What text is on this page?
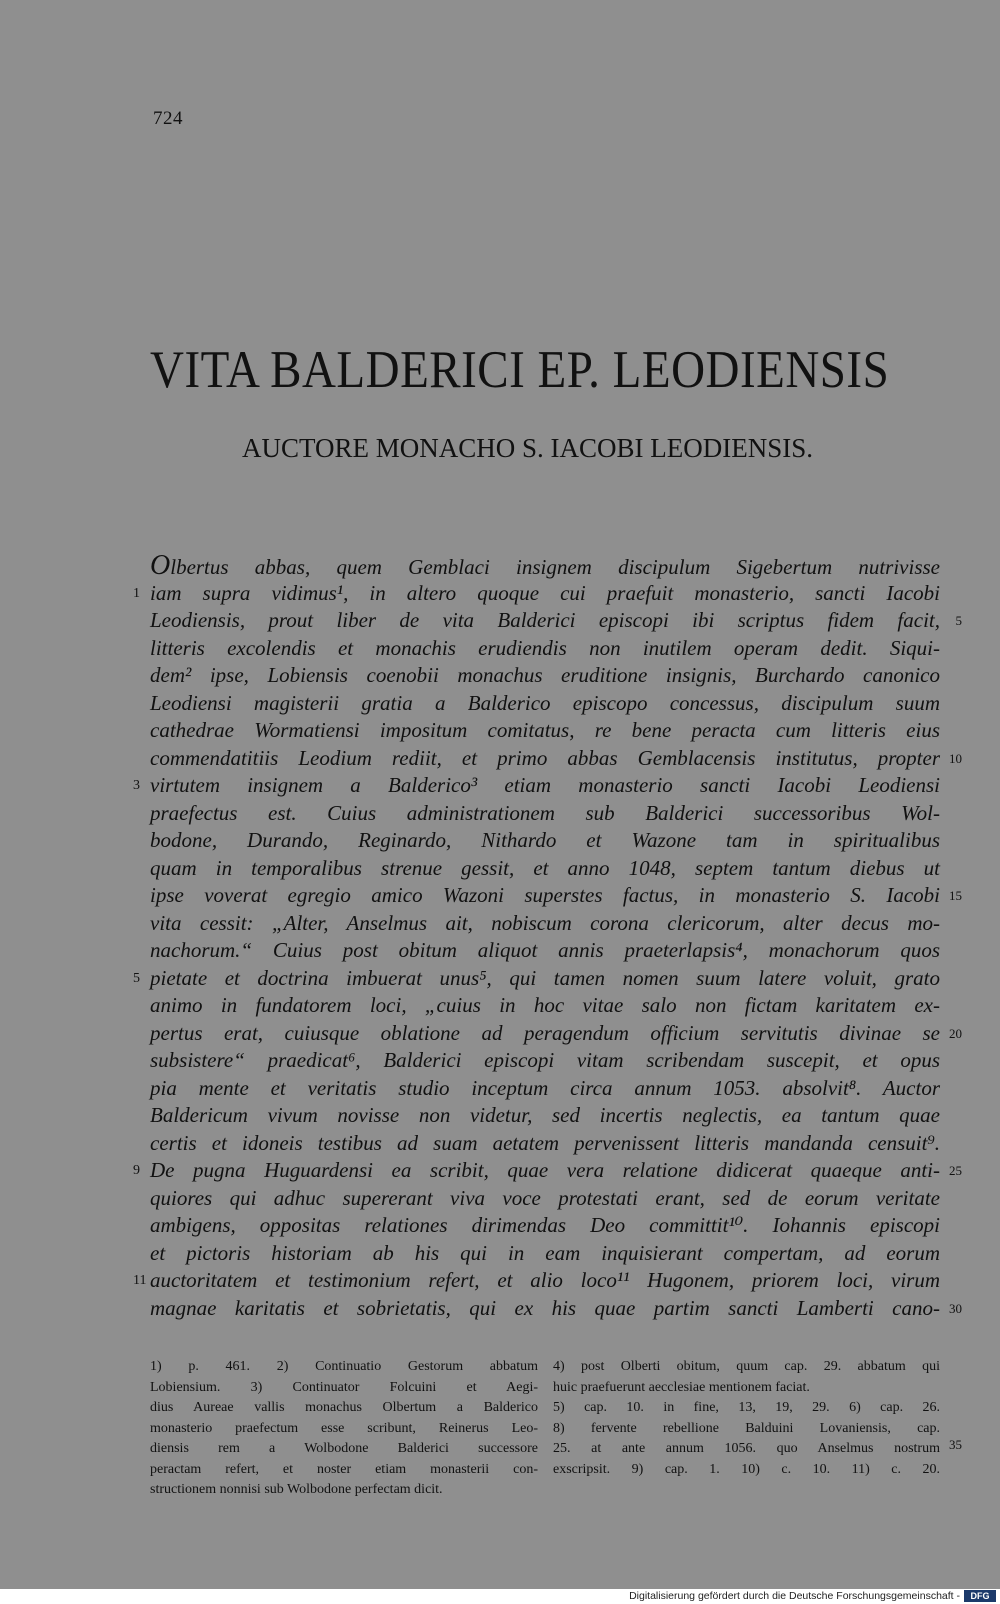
724
VITA BALDERICI EP. LEODIENSIS
AUCTORE MONACHO S. IACOBI LEODIENSIS.
Olbertus abbas, quem Gemblaci insignem discipulum Sigebertum nutrivisse
1 iam supra vidimus¹, in altero quoque cui praefuit monasterio, sancti Iacobi
Leodiensis, prout liber de vita Balderici episcopi ibi scriptus fidem facit, 5
litteris excolendis et monachis erudiendis non inutilem operam dedit. Siqui-
dem² ipse, Lobiensis coenobii monachus eruditione insignis, Burchardo canonico
Leodiensi magisterii gratia a Balderico episcopo concessus, discipulum suum
cathedrae Wormatiensi impositum comitatus, re bene peracta cum litteris eius
commendatitiis Leodium rediit, et primo abbas Gemblacensis institutus, propter 10
3 virtutem insignem a Balderico³ etiam monasterio sancti Iacobi Leodiensi
praefectus est. Cuius administrationem sub Balderici successoribus Wol-
bodone, Durando, Reginardo, Nithardo et Wazone tam in spiritualibus
quam in temporalibus strenue gessit, et anno 1048, septem tantum diebus ut
ipse voverat egregio amico Wazoni superstes factus, in monasterio S. Iacobi 15
vita cessit: „Alter, Anselmus ait, nobiscum corona clericorum, alter decus mo-
nachorum.“ Cuius post obitum aliquot annis praeterlapsis⁴, monachorum quos
5 pietate et doctrina imbuerat unus⁵, qui tamen nomen suum latere voluit, grato
animo in fundatorem loci, „cuius in hoc vitae salo non fictam karitatem ex-
pertus erat, cuiusque oblatione ad peragendum officium servitutis divinae se 20
subsistere“ praedicat⁶, Balderici episcopi vitam scribendam suscepit, et opus
pia mente et veritatis studio inceptum circa annum 1053. absolvit⁸. Auctor
Baldericum vivum novisse non videtur, sed incertis neglectis, ea tantum quae
certis et idoneis testibus ad suam aetatem pervenissent litteris mandanda censuit⁹.
9 De pugna Huguardensi ea scribit, quae vera relatione didicerat quaeque anti- 25
quiores qui adhuc supererant viva voce protestati erant, sed de eorum veritate
ambigens, oppositas relationes dirimendas Deo committit¹⁰. Iohannis episcopi
et pictoris historiam ab his qui in eam inquisierant compertam, ad eorum
11 auctoritatem et testimonium refert, et alio loco¹¹ Hugonem, priorem loci, virum
magnae karitatis et sobrietatis, qui ex his quae partim sancti Lamberti cano- 30
1) p. 461. 2) Continuatio Gestorum abbatum
Lobiensium. 3) Continuator Folcuini et Aegi-
dius Aureae vallis monachus Olbertum a Balderico
monasterio praefectum esse scribunt, Reinerus Leo-
diensis rem a Wolbodone Balderici successore
peractam refert, et noster etiam monasterii con-
structionem nonnisi sub Wolbodone perfectam dicit.
4) post Olberti obitum, quum cap. 29. abbatum qui
huic praefuerunt aecclesiae mentionem faciat.
5) cap. 10. in fine, 13, 19, 29. 6) cap. 26.
8) fervente rebellione Balduini Lovaniensis, cap.
25. at ante annum 1056. quo Anselmus nostrum 35
exscripsit. 9) cap. 1. 10) c. 10. 11) c. 20.
Digitalisierung gefördert durch die Deutsche Forschungsgemeinschaft -	DFG
